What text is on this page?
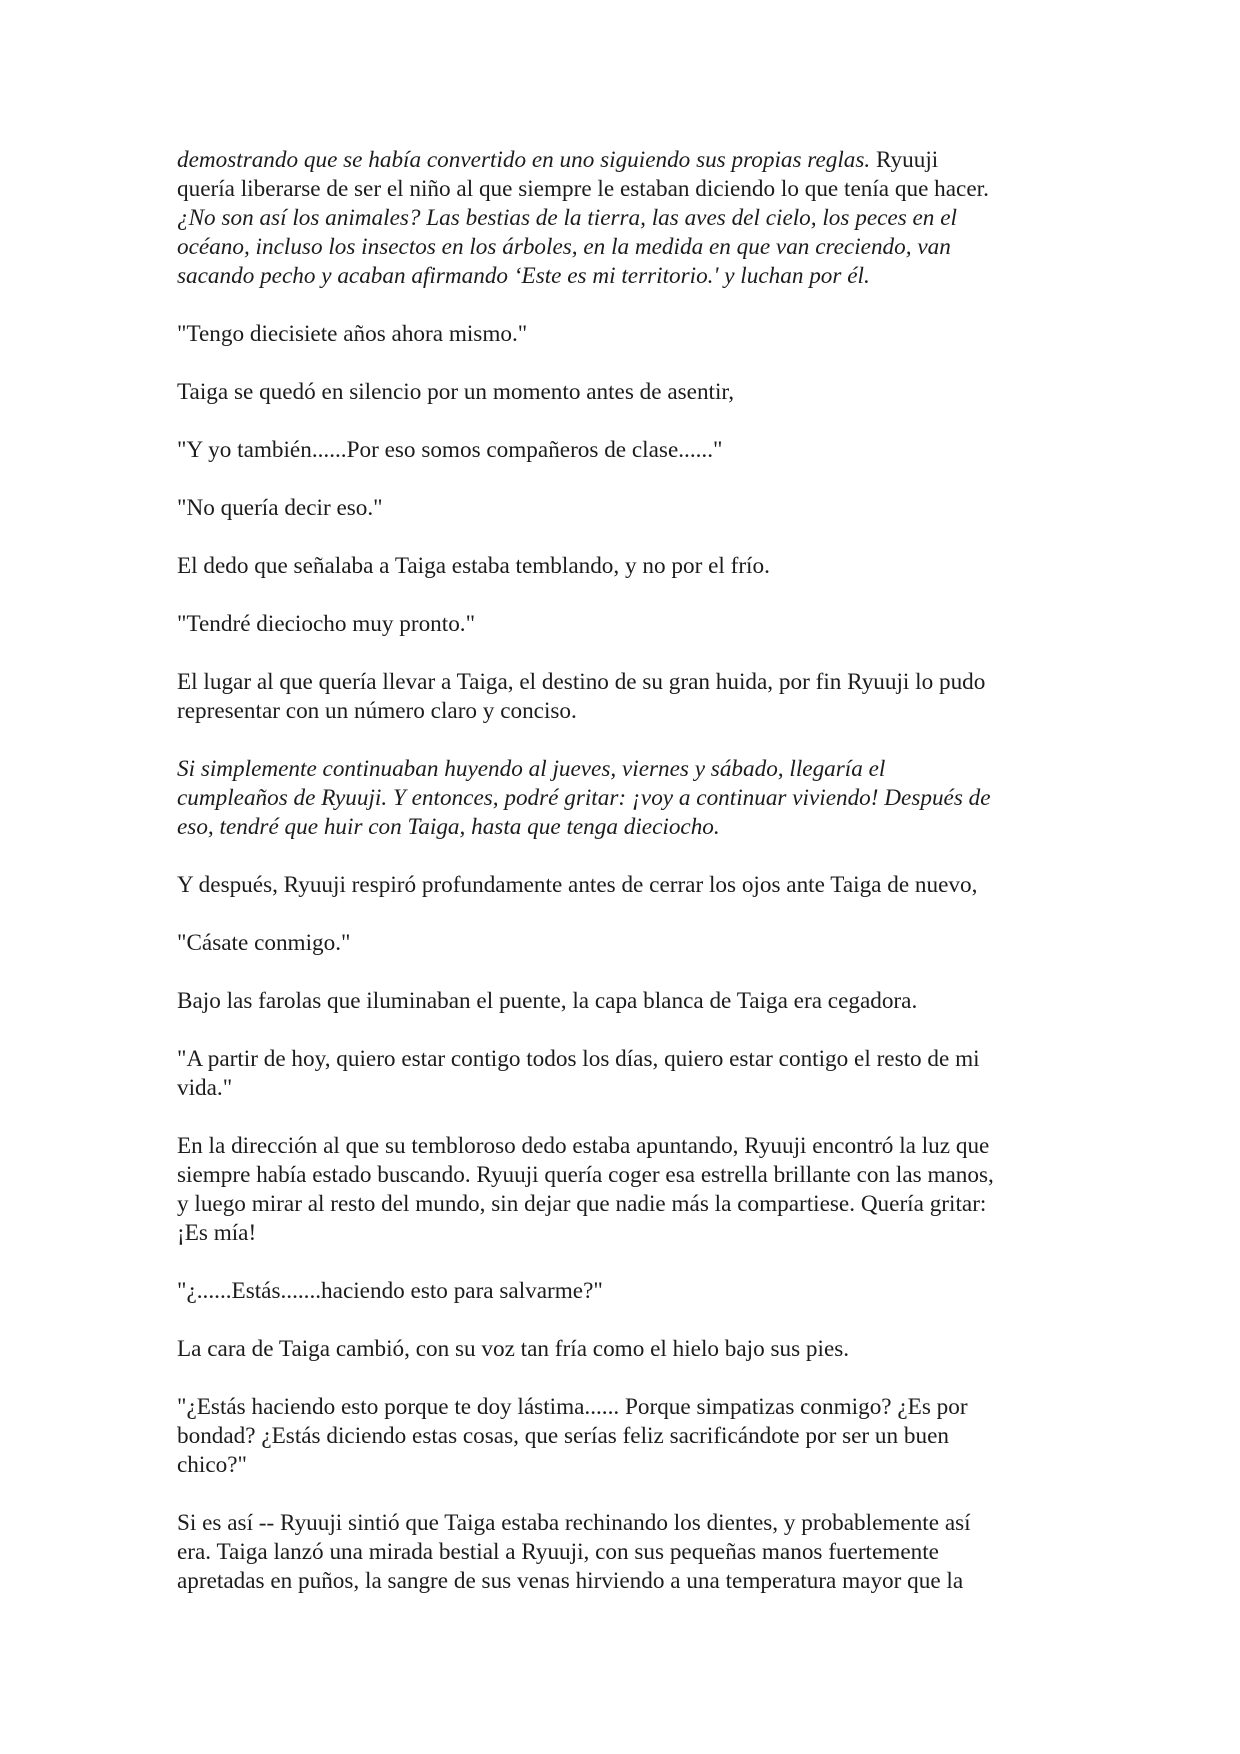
demostrando que se había convertido en uno siguiendo sus propias reglas. Ryuuji
quería liberarse de ser el niño al que siempre le estaban diciendo lo que tenía que hacer.
¿No son así los animales? Las bestias de la tierra, las aves del cielo, los peces en el
océano, incluso los insectos en los árboles, en la medida en que van creciendo, van
sacando pecho y acaban afirmando ‘Este es mi territorio.' y luchan por él.

"Tengo diecisiete años ahora mismo."

Taiga se quedó en silencio por un momento antes de asentir,

"Y yo también......Por eso somos compañeros de clase......"

"No quería decir eso."

El dedo que señalaba a Taiga estaba temblando, y no por el frío.

"Tendré dieciocho muy pronto."

El lugar al que quería llevar a Taiga, el destino de su gran huida, por fin Ryuuji lo pudo
representar con un número claro y conciso.

Si simplemente continuaban huyendo al jueves, viernes y sábado, llegaría el
cumpleaños de Ryuuji. Y entonces, podré gritar: ¡voy a continuar viviendo! Después de
eso, tendré que huir con Taiga, hasta que tenga dieciocho.

Y después, Ryuuji respiró profundamente antes de cerrar los ojos ante Taiga de nuevo,

"Cásate conmigo."

Bajo las farolas que iluminaban el puente, la capa blanca de Taiga era cegadora.

"A partir de hoy, quiero estar contigo todos los días, quiero estar contigo el resto de mi
vida."

En la dirección al que su tembloroso dedo estaba apuntando, Ryuuji encontró la luz que
siempre había estado buscando. Ryuuji quería coger esa estrella brillante con las manos,
y luego mirar al resto del mundo, sin dejar que nadie más la compartiese. Quería gritar:
¡Es mía!

"¿......Estás.......haciendo esto para salvarme?"

La cara de Taiga cambió, con su voz tan fría como el hielo bajo sus pies.

"¿Estás haciendo esto porque te doy lástima...... Porque simpatizas conmigo? ¿Es por
bondad? ¿Estás diciendo estas cosas, que serías feliz sacrificándote por ser un buen
chico?"

Si es así -- Ryuuji sintió que Taiga estaba rechinando los dientes, y probablemente así
era. Taiga lanzó una mirada bestial a Ryuuji, con sus pequeñas manos fuertemente
apretadas en puños, la sangre de sus venas hirviendo a una temperatura mayor que la
